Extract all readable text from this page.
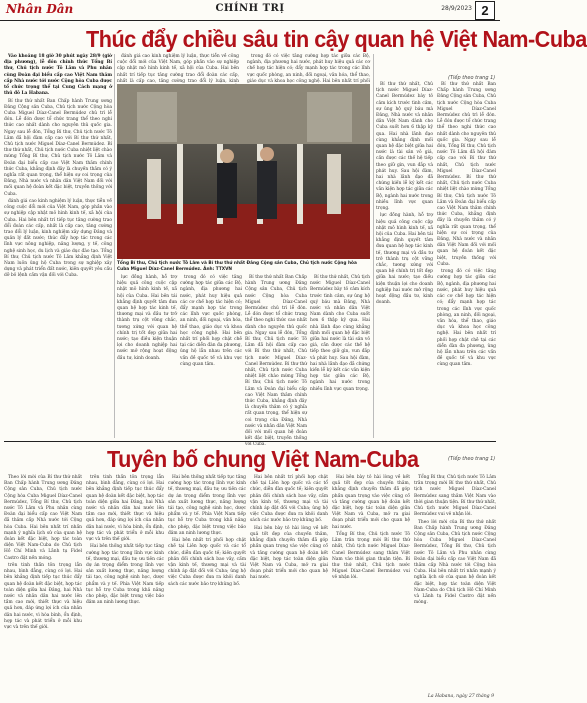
Nhân Dân	CHÍNH TRỊ	28/9/2023 2
Thúc đẩy chiều sâu tin cậy quan hệ Việt Nam-Cuba
(Tiếp theo trang 1)

Vào khoảng 18 giờ 30 phút ngày 28/9 (giờ địa phương), lễ đón chính thức Tổng Bí thư, Chủ tịch nước Tô Lâm và Phu nhân cùng Đoàn đại biểu cấp cao Việt Nam thăm cấp Nhà nước tới nước Cộng hòa Cuba được tổ chức trọng thể tại Cung Cách mạng ở thủ đô La Habana.

Bí thư thứ nhất Ban Chấp hành Trung ương Đảng Cộng sản Cuba, Chủ tịch nước Cộng hòa Cuba Miguel Díaz-Canel Bermúdez chủ trì lễ đón. Lễ đón được tổ chức trang thể theo nghi thức cao nhất dành cho nguyên thủ quốc gia. Ngay sau lễ đón, Tổng Bí thư, Chủ tịch nước Tô Lâm đã hội đàm cấp cao với Bí thư thứ nhất, Chủ tịch nước Miguel Díaz-Canel Bermúdez. Bí thư thứ nhất, Chủ tịch nước Cuba nhiệt liệt chào mừng Tổng Bí thư, Chủ tịch nước Tô Lâm và Đoàn đại biểu cấp cao Việt Nam thăm chính thức Cuba, khẳng định đây là chuyến thăm có ý nghĩa rất quan trọng, thể hiện sự coi trọng của Đảng, Nhà nước và nhân dân Việt Nam đối với mối quan hệ đoàn kết đặc biệt, truyền thống với Cuba.

đánh giá cao kinh nghiệm lý luận, thực tiễn về công cuộc đổi mới của Việt Nam, góp phần vào sự nghiệp cập nhật mô hình kinh tế, xã hội của Cuba. Hai bên nhất trí tiếp tục tăng cường trao đổi đoàn các cấp, nhất là cấp cao, tăng cường trao đổi lý luận, kinh nghiệm xây dựng Đảng và quản lý đất nước; thúc đẩy hợp tác trong các lĩnh vực nông nghiệp, năng lượng, y tế, công nghệ sinh học, du lịch và giáo dục đào tạo. Tổng Bí thư, Chủ tịch nước Tô Lâm khẳng định Việt Nam luôn ủng hộ Cuba trong sự nghiệp xây dựng và phát triển đất nước, kiên quyết yêu cầu dỡ bỏ lệnh cấm vận đối với Cuba.

đánh giá cao kinh nghiệm lý luận, thực tiễn về công cuộc đổi mới của Việt Nam, góp phần vào sự nghiệp cập nhật mô hình kinh tế, xã hội của Cuba. Hai bên nhất trí tiếp tục tăng cường trao đổi đoàn các cấp, nhất là cấp cao, tăng cường trao đổi lý luận, kinh

trong đó có việc tăng cường hợp tác giữa các Bộ, ngành, địa phương hai nước, phát huy hiệu quả các cơ chế hợp tác hiện có; đẩy mạnh hợp tác trong các lĩnh vực quốc phòng, an ninh, đối ngoại, văn hóa, thể thao, giáo dục và khoa học công nghệ. Hai bên nhất trí phối

Tổng Bí thư, Chủ tịch nước Tô Lâm và Bí thư thứ nhất Đảng Cộng sản Cuba, Chủ tịch nước Cộng hòa Cuba Miguel Díaz-Canel Bermúdez. Ảnh: TTXVN

lực đồng hành, hỗ trợ hiệu quả công cuộc cập nhật mô hình kinh tế, xã hội của Cuba. Hai bên tái khẳng định quyết tâm đưa quan hệ hợp tác kinh tế, thương mại và đầu tư trở thành trụ cột vững chắc, tương xứng với quan hệ chính trị tốt đẹp giữa hai nước; tạo điều kiện thuận lợi cho doanh nghiệp hai nước mở rộng hoạt động đầu tư, kinh doanh.

trong đó có việc tăng cường hợp tác giữa các Bộ, ngành, địa phương hai nước, phát huy hiệu quả các cơ chế hợp tác hiện có; đẩy mạnh hợp tác trong các lĩnh vực quốc phòng, an ninh, đối ngoại, văn hóa, thể thao, giáo dục và khoa học công nghệ. Hai bên nhất trí phối hợp chặt chẽ tại các diễn đàn đa phương, ủng hộ lẫn nhau trên các vấn đề quốc tế và khu vực cùng quan tâm.

Bí thư thứ nhất Ban Chấp hành Trung ương Đảng Cộng sản Cuba, Chủ tịch nước Cộng hòa Cuba Miguel Díaz-Canel Bermúdez chủ trì lễ đón. Lễ đón được tổ chức trang thể theo nghi thức cao nhất dành cho nguyên thủ quốc gia. Ngay sau lễ đón, Tổng Bí thư, Chủ tịch nước Tô Lâm đã hội đàm cấp cao với Bí thư thứ nhất, Chủ tịch nước Miguel Díaz-Canel Bermúdez. Bí thư thứ nhất, Chủ tịch nước Cuba nhiệt liệt chào mừng Tổng Bí thư, Chủ tịch nước Tô Lâm và Đoàn đại biểu cấp cao Việt Nam thăm chính thức Cuba, khẳng định đây là chuyến thăm có ý nghĩa rất quan trọng, thể hiện sự coi trọng của Đảng, Nhà nước và nhân dân Việt Nam đối với mối quan hệ đoàn kết đặc biệt, truyền thống với Cuba.

Bí thư thứ nhất, Chủ tịch nước Miguel Díaz-Canel Bermúdez bày tỏ cảm kích trước tình cảm, sự ủng hộ quý báu mà Đảng, Nhà nước và nhân dân Việt Nam dành cho Cuba suốt hơn 6 thập kỷ qua. Hai nhà lãnh đạo cùng khẳng định mối quan hệ đặc biệt giữa hai nước là tài sản vô giá, cần được các thế hệ tiếp theo giữ gìn, vun đắp và phát huy. Sau hội đàm, hai nhà lãnh đạo đã chứng kiến lễ ký kết các văn kiện hợp tác giữa các Bộ, ngành hai nước trong nhiều lĩnh vực quan trọng.

Bí thư thứ nhất, Chủ tịch nước Miguel Díaz-Canel Bermúdez bày tỏ cảm kích trước tình cảm, sự ủng hộ quý báu mà Đảng, Nhà nước và nhân dân Việt Nam dành cho Cuba suốt hơn 6 thập kỷ qua. Hai nhà lãnh đạo cùng khẳng định mối quan hệ đặc biệt giữa hai nước là tài sản vô giá, cần được các thế hệ tiếp theo giữ gìn, vun đắp và phát huy. Sau hội đàm, hai nhà lãnh đạo đã chứng kiến lễ ký kết các văn kiện hợp tác giữa các Bộ, ngành hai nước trong nhiều lĩnh vực quan trọng.

lực đồng hành, hỗ trợ hiệu quả công cuộc cập nhật mô hình kinh tế, xã hội của Cuba. Hai bên tái khẳng định quyết tâm đưa quan hệ hợp tác kinh tế, thương mại và đầu tư trở thành trụ cột vững chắc, tương xứng với quan hệ chính trị tốt đẹp giữa hai nước; tạo điều kiện thuận lợi cho doanh nghiệp hai nước mở rộng hoạt động đầu tư, kinh doanh.

Bí thư thứ nhất Ban Chấp hành Trung ương Đảng Cộng sản Cuba, Chủ tịch nước Cộng hòa Cuba Miguel Díaz-Canel Bermúdez chủ trì lễ đón. Lễ đón được tổ chức trang thể theo nghi thức cao nhất dành cho nguyên thủ quốc gia. Ngay sau lễ đón, Tổng Bí thư, Chủ tịch nước Tô Lâm đã hội đàm cấp cao với Bí thư thứ nhất, Chủ tịch nước Miguel Díaz-Canel Bermúdez. Bí thư thứ nhất, Chủ tịch nước Cuba nhiệt liệt chào mừng Tổng Bí thư, Chủ tịch nước Tô Lâm và Đoàn đại biểu cấp cao Việt Nam thăm chính thức Cuba, khẳng định đây là chuyến thăm có ý nghĩa rất quan trọng, thể hiện sự coi trọng của Đảng, Nhà nước và nhân dân Việt Nam đối với mối quan hệ đoàn kết đặc biệt, truyền thống với Cuba.

trong đó có việc tăng cường hợp tác giữa các Bộ, ngành, địa phương hai nước, phát huy hiệu quả các cơ chế hợp tác hiện có; đẩy mạnh hợp tác trong các lĩnh vực quốc phòng, an ninh, đối ngoại, văn hóa, thể thao, giáo dục và khoa học công nghệ. Hai bên nhất trí phối hợp chặt chẽ tại các diễn đàn đa phương, ủng hộ lẫn nhau trên các vấn đề quốc tế và khu vực cùng quan tâm.

Tuyên bố chung Việt Nam-Cuba	(Tiếp theo trang 1)

Theo lời mời của Bí thư thứ nhất Ban Chấp hành Trung ương Đảng Cộng sản Cuba, Chủ tịch nước Cộng hòa Cuba Miguel Díaz-Canel Bermúdez, Tổng Bí thư, Chủ tịch nước Tô Lâm và Phu nhân cùng Đoàn đại biểu cấp cao Việt Nam đã thăm cấp Nhà nước tới Cộng hòa Cuba. Hai bên nhất trí nhấn mạnh ý nghĩa lịch sử của quan hệ đoàn kết đặc biệt, hợp tác toàn diện Việt Nam-Cuba do Chủ tịch Hồ Chí Minh và Lãnh tụ Fidel Castro đặt nền móng.

trên tinh thần tôn trọng lẫn nhau, bình đẳng, cùng có lợi. Hai bên khẳng định tiếp tục thúc đẩy quan hệ đoàn kết đặc biệt, hợp tác toàn diện giữa hai Đảng, hai Nhà nước và nhân dân hai nước lên tầm cao mới, thiết thực và hiệu quả hơn, đáp ứng lợi ích của nhân dân hai nước, vì hòa bình, ổn định, hợp tác và phát triển ở mỗi khu vực và trên thế giới.

trên tinh thần tôn trọng lẫn nhau, bình đẳng, cùng có lợi. Hai bên khẳng định tiếp tục thúc đẩy quan hệ đoàn kết đặc biệt, hợp tác toàn diện giữa hai Đảng, hai Nhà nước và nhân dân hai nước lên tầm cao mới, thiết thực và hiệu quả hơn, đáp ứng lợi ích của nhân dân hai nước, vì hòa bình, ổn định, hợp tác và phát triển ở mỗi khu vực và trên thế giới.

Hai bên thống nhất tiếp tục tăng cường hợp tác trong lĩnh vực kinh tế, thương mại, đầu tư; ưu tiên các dự án trọng điểm trong lĩnh vực sản xuất lương thực, năng lượng tái tạo, công nghệ sinh học, dược phẩm và y tế. Phía Việt Nam tiếp tục hỗ trợ Cuba trong khả năng cho phép, đặc biệt trong việc bảo đảm an ninh lương thực.

Hai bên thống nhất tiếp tục tăng cường hợp tác trong lĩnh vực kinh tế, thương mại, đầu tư; ưu tiên các dự án trọng điểm trong lĩnh vực sản xuất lương thực, năng lượng tái tạo, công nghệ sinh học, dược phẩm và y tế. Phía Việt Nam tiếp tục hỗ trợ Cuba trong khả năng cho phép, đặc biệt trong việc bảo đảm an ninh lương thực.

Hai bên nhất trí phối hợp chặt chẽ tại Liên hợp quốc và các tổ chức, diễn đàn quốc tế; kiên quyết phản đối chính sách bao vây, cấm vận kinh tế, thương mại và tài chính áp đặt đối với Cuba; ủng hộ việc Cuba được đưa ra khỏi danh sách các nước bảo trợ khủng bố.

Hai bên nhất trí phối hợp chặt chẽ tại Liên hợp quốc và các tổ chức, diễn đàn quốc tế; kiên quyết phản đối chính sách bao vây, cấm vận kinh tế, thương mại và tài chính áp đặt đối với Cuba; ủng hộ việc Cuba được đưa ra khỏi danh sách các nước bảo trợ khủng bố.

Hai bên bày tỏ hài lòng về kết quả tốt đẹp của chuyến thăm, khẳng định chuyến thăm đã góp phần quan trọng vào việc củng cố và tăng cường quan hệ đoàn kết đặc biệt, hợp tác toàn diện giữa Việt Nam và Cuba, mở ra giai đoạn phát triển mới cho quan hệ hai nước.

Hai bên bày tỏ hài lòng về kết quả tốt đẹp của chuyến thăm, khẳng định chuyến thăm đã góp phần quan trọng vào việc củng cố và tăng cường quan hệ đoàn kết đặc biệt, hợp tác toàn diện giữa Việt Nam và Cuba, mở ra giai đoạn phát triển mới cho quan hệ hai nước.

Tổng Bí thư, Chủ tịch nước Tô Lâm trân trọng mời Bí thư thứ nhất, Chủ tịch nước Miguel Díaz-Canel Bermúdez sang thăm Việt Nam vào thời gian thuận tiện. Bí thư thứ nhất, Chủ tịch nước Miguel Díaz-Canel Bermúdez vui vẻ nhận lời.

Tổng Bí thư, Chủ tịch nước Tô Lâm trân trọng mời Bí thư thứ nhất, Chủ tịch nước Miguel Díaz-Canel Bermúdez sang thăm Việt Nam vào thời gian thuận tiện. Bí thư thứ nhất, Chủ tịch nước Miguel Díaz-Canel Bermúdez vui vẻ nhận lời.

Theo lời mời của Bí thư thứ nhất Ban Chấp hành Trung ương Đảng Cộng sản Cuba, Chủ tịch nước Cộng hòa Cuba Miguel Díaz-Canel Bermúdez, Tổng Bí thư, Chủ tịch nước Tô Lâm và Phu nhân cùng Đoàn đại biểu cấp cao Việt Nam đã thăm cấp Nhà nước tới Cộng hòa Cuba. Hai bên nhất trí nhấn mạnh ý nghĩa lịch sử của quan hệ đoàn kết đặc biệt, hợp tác toàn diện Việt Nam-Cuba do Chủ tịch Hồ Chí Minh và Lãnh tụ Fidel Castro đặt nền móng.

La Habana, ngày 27 tháng 9
